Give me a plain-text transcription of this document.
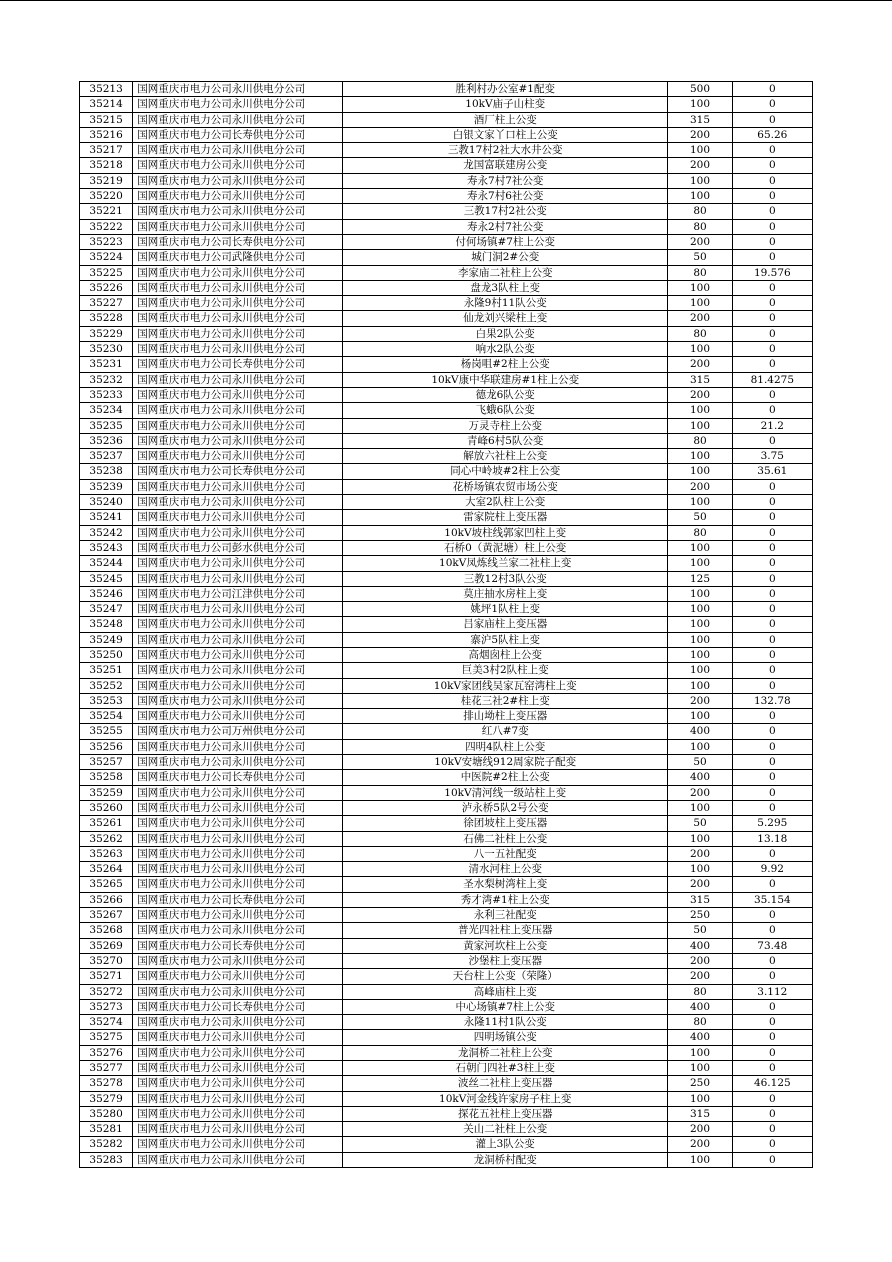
35213	国网重庆市电力公司永川供电分公司	胜利村办公室#1配变	500	0
35214	国网重庆市电力公司永川供电分公司	10kV庙子山柱变	100	0
35215	国网重庆市电力公司永川供电分公司	酒厂柱上公变	315	0
35216	国网重庆市电力公司长寿供电分公司	白银文家丫口柱上公变	200	65.26
35217	国网重庆市电力公司永川供电分公司	三教17村2社大水井公变	100	0
35218	国网重庆市电力公司永川供电分公司	龙国富联建房公变	200	0
35219	国网重庆市电力公司永川供电分公司	寿永7村7社公变	100	0
35220	国网重庆市电力公司永川供电分公司	寿永7村6社公变	100	0
35221	国网重庆市电力公司永川供电分公司	三教17村2社公变	80	0
35222	国网重庆市电力公司永川供电分公司	寿永2村7社公变	80	0
35223	国网重庆市电力公司长寿供电分公司	付何场镇#7柱上公变	200	0
35224	国网重庆市电力公司武隆供电分公司	城门洞2#公变	50	0
35225	国网重庆市电力公司永川供电分公司	李家庙二社柱上公变	80	19.576
35226	国网重庆市电力公司永川供电分公司	盘龙3队柱上变	100	0
35227	国网重庆市电力公司永川供电分公司	永隆9村11队公变	100	0
35228	国网重庆市电力公司永川供电分公司	仙龙刘兴梁柱上变	200	0
35229	国网重庆市电力公司永川供电分公司	白果2队公变	80	0
35230	国网重庆市电力公司永川供电分公司	响水2队公变	100	0
35231	国网重庆市电力公司长寿供电分公司	杨岗咀#2柱上公变	200	0
35232	国网重庆市电力公司永川供电分公司	10kV康中华联建房#1柱上公变	315	81.4275
35233	国网重庆市电力公司永川供电分公司	德龙6队公变	200	0
35234	国网重庆市电力公司永川供电分公司	飞蛾6队公变	100	0
35235	国网重庆市电力公司永川供电分公司	万灵寺柱上公变	100	21.2
35236	国网重庆市电力公司永川供电分公司	青峰6村5队公变	80	0
35237	国网重庆市电力公司永川供电分公司	解放六社柱上公变	100	3.75
35238	国网重庆市电力公司长寿供电分公司	同心中岭坡#2柱上公变	100	35.61
35239	国网重庆市电力公司永川供电分公司	花桥场镇农贸市场公变	200	0
35240	国网重庆市电力公司永川供电分公司	大室2队柱上公变	100	0
35241	国网重庆市电力公司永川供电分公司	雷家院柱上变压器	50	0
35242	国网重庆市电力公司永川供电分公司	10kV坡柱线郭家凹柱上变	80	0
35243	国网重庆市电力公司彭水供电分公司	石桥0（黄泥塘）柱上公变	100	0
35244	国网重庆市电力公司永川供电分公司	10kV凤炼线兰家二社柱上变	100	0
35245	国网重庆市电力公司永川供电分公司	三教12村3队公变	125	0
35246	国网重庆市电力公司江津供电分公司	莫庄抽水房柱上变	100	0
35247	国网重庆市电力公司永川供电分公司	姚坪1队柱上变	100	0
35248	国网重庆市电力公司永川供电分公司	吕家庙柱上变压器	100	0
35249	国网重庆市电力公司永川供电分公司	寨沪5队柱上变	100	0
35250	国网重庆市电力公司永川供电分公司	高烟囱柱上公变	100	0
35251	国网重庆市电力公司永川供电分公司	巨美3村2队柱上变	100	0
35252	国网重庆市电力公司永川供电分公司	10kV家团线吴家瓦窑湾柱上变	100	0
35253	国网重庆市电力公司永川供电分公司	桂花三社2#柱上变	200	132.78
35254	国网重庆市电力公司永川供电分公司	排山坳柱上变压器	100	0
35255	国网重庆市电力公司万州供电分公司	红八#7变	400	0
35256	国网重庆市电力公司永川供电分公司	四明4队柱上公变	100	0
35257	国网重庆市电力公司永川供电分公司	10kV安塘线912周家院子配变	50	0
35258	国网重庆市电力公司长寿供电分公司	中医院#2柱上公变	400	0
35259	国网重庆市电力公司永川供电分公司	10kV清河线一级站柱上变	200	0
35260	国网重庆市电力公司永川供电分公司	泸永桥5队2号公变	100	0
35261	国网重庆市电力公司永川供电分公司	徐团坡柱上变压器	50	5.295
35262	国网重庆市电力公司永川供电分公司	石佛二社柱上公变	100	13.18
35263	国网重庆市电力公司永川供电分公司	八一五社配变	200	0
35264	国网重庆市电力公司永川供电分公司	清水河柱上公变	100	9.92
35265	国网重庆市电力公司永川供电分公司	圣水梨树湾柱上变	200	0
35266	国网重庆市电力公司长寿供电分公司	秀才湾#1柱上公变	315	35.154
35267	国网重庆市电力公司永川供电分公司	永利三社配变	250	0
35268	国网重庆市电力公司永川供电分公司	普光四社柱上变压器	50	0
35269	国网重庆市电力公司长寿供电分公司	黄家河坎柱上公变	400	73.48
35270	国网重庆市电力公司永川供电分公司	沙堡柱上变压器	200	0
35271	国网重庆市电力公司永川供电分公司	天台柱上公变（荣隆）	200	0
35272	国网重庆市电力公司永川供电分公司	高峰庙柱上变	80	3.112
35273	国网重庆市电力公司长寿供电分公司	中心场镇#7柱上公变	400	0
35274	国网重庆市电力公司永川供电分公司	永隆11村1队公变	80	0
35275	国网重庆市电力公司永川供电分公司	四明场镇公变	400	0
35276	国网重庆市电力公司永川供电分公司	龙洞桥二社柱上公变	100	0
35277	国网重庆市电力公司永川供电分公司	石朝门四社#3柱上变	100	0
35278	国网重庆市电力公司永川供电分公司	波丝二社柱上变压器	250	46.125
35279	国网重庆市电力公司永川供电分公司	10kV河金线许家房子柱上变	100	0
35280	国网重庆市电力公司永川供电分公司	探花五社柱上变压器	315	0
35281	国网重庆市电力公司永川供电分公司	关山二社柱上公变	200	0
35282	国网重庆市电力公司永川供电分公司	灌上3队公变	200	0
35283	国网重庆市电力公司永川供电分公司	龙洞桥村配变	100	0
